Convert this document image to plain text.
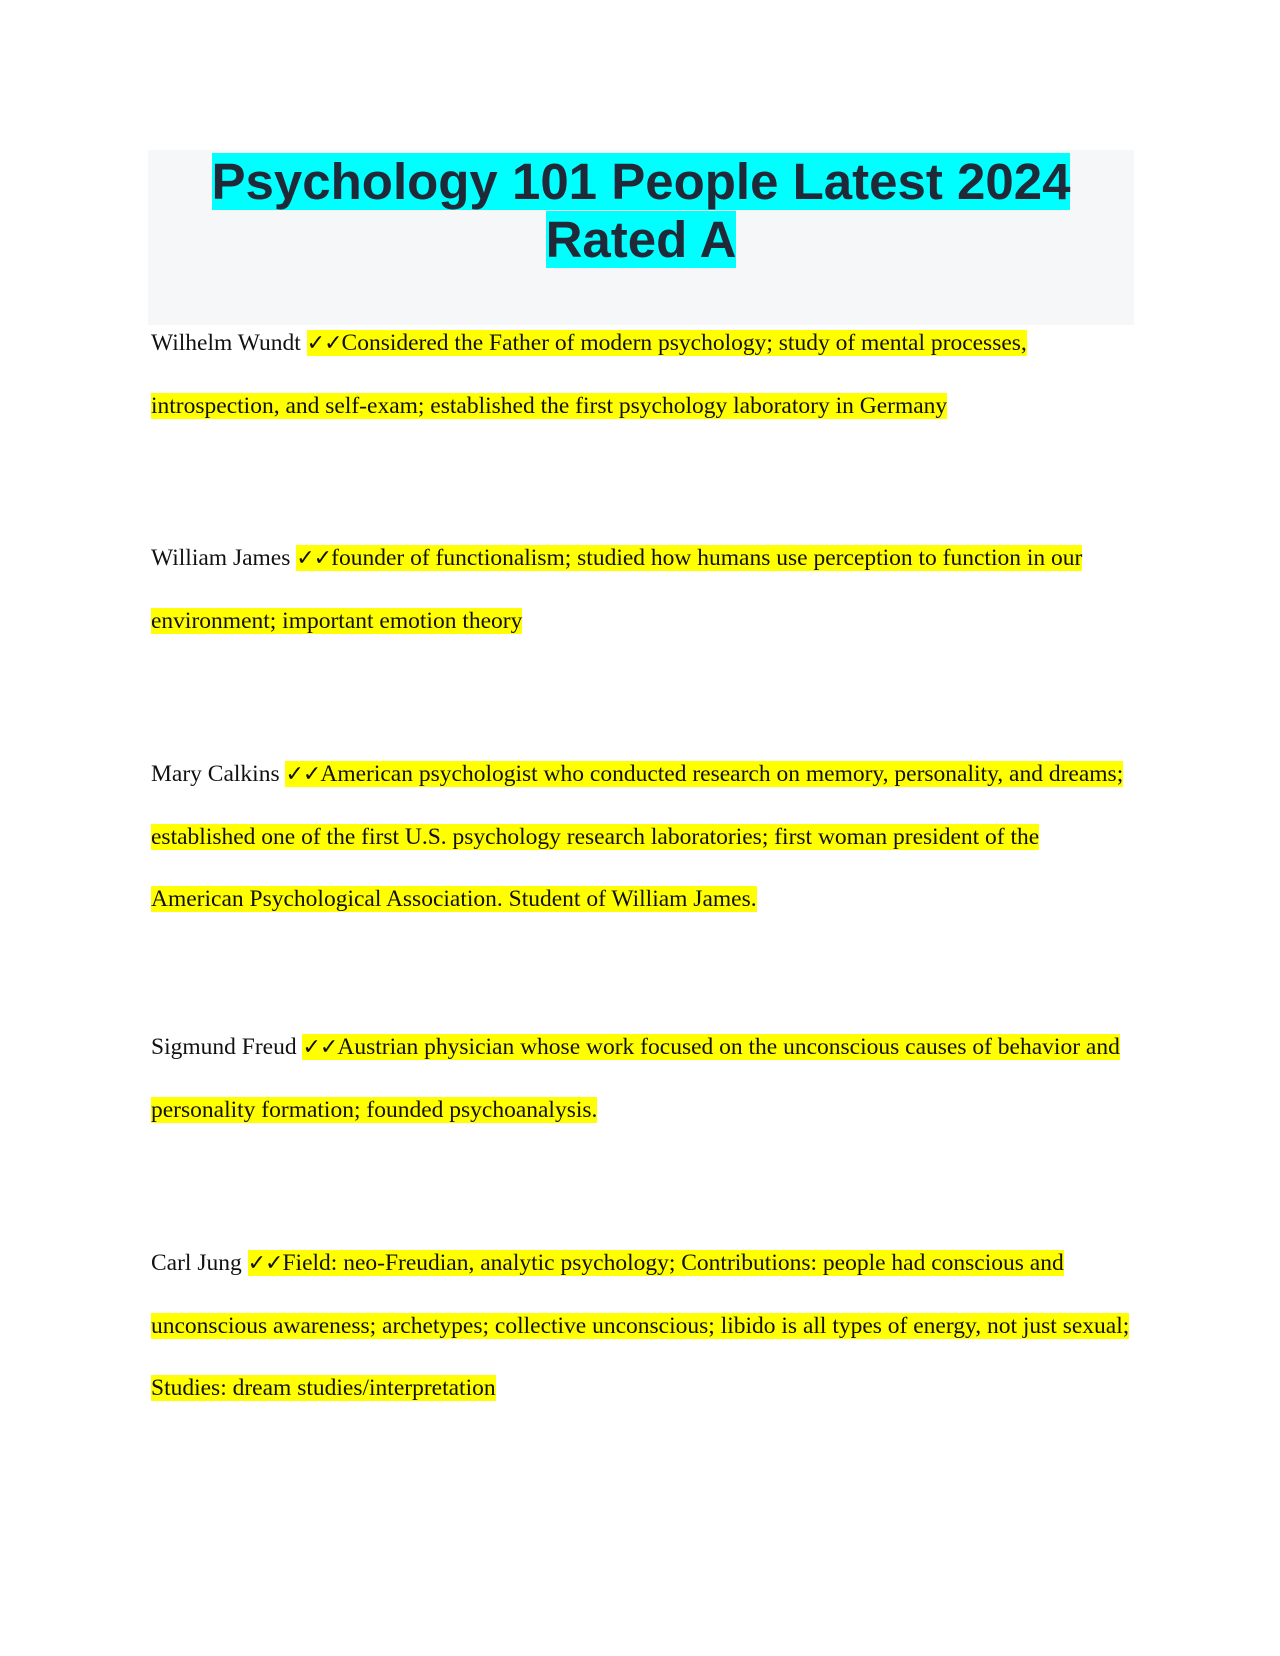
Psychology 101 People Latest 2024 Rated A
Wilhelm Wundt ✓✓Considered the Father of modern psychology; study of mental processes, introspection, and self-exam; established the first psychology laboratory in Germany
William James ✓✓founder of functionalism; studied how humans use perception to function in our environment; important emotion theory
Mary Calkins ✓✓American psychologist who conducted research on memory, personality, and dreams; established one of the first U.S. psychology research laboratories; first woman president of the American Psychological Association. Student of William James.
Sigmund Freud ✓✓Austrian physician whose work focused on the unconscious causes of behavior and personality formation; founded psychoanalysis.
Carl Jung ✓✓Field: neo-Freudian, analytic psychology; Contributions: people had conscious and unconscious awareness; archetypes; collective unconscious; libido is all types of energy, not just sexual; Studies: dream studies/interpretation
